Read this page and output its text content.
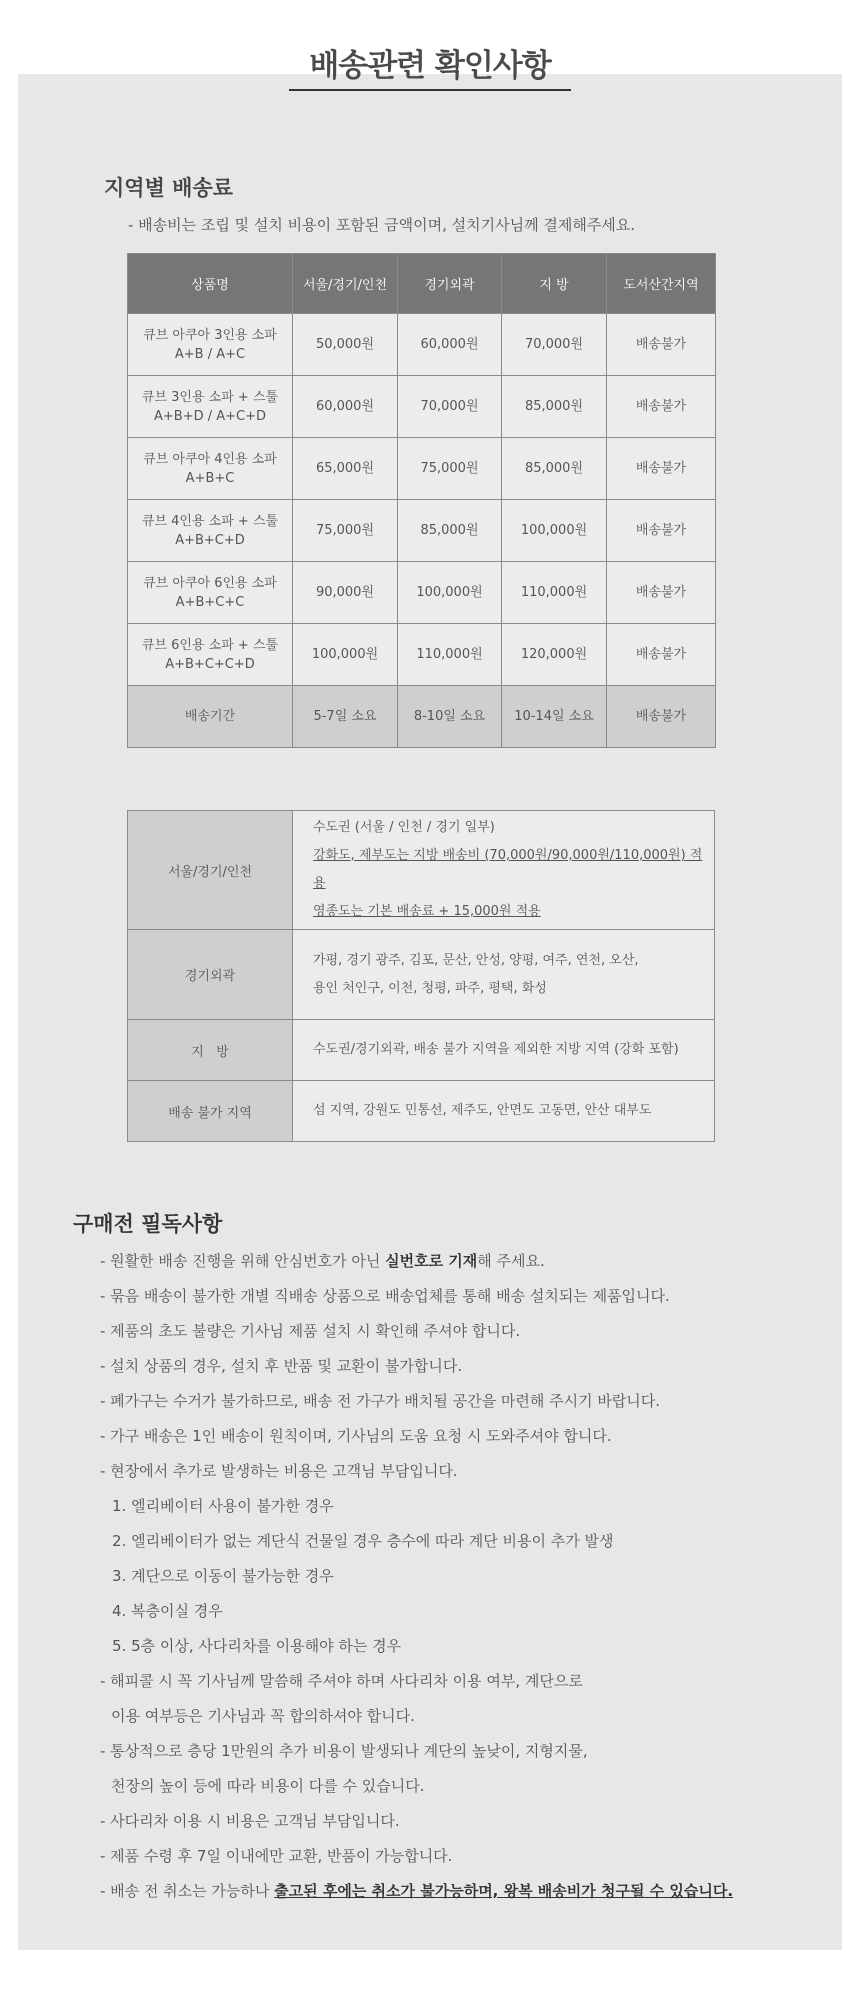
배송관련 확인사항
지역별 배송료

- 배송비는 조립 및 설치 비용이 포함된 금액이며, 설치기사님께 결제해주세요.

상품명	서울/경기/인천	경기외곽	지 방	도서산간지역
큐브 아쿠아 3인용 소파
A+B / A+C	50,000원	60,000원	70,000원	배송불가
큐브 3인용 소파 + 스툴
A+B+D / A+C+D	60,000원	70,000원	85,000원	배송불가
큐브 아쿠아 4인용 소파
A+B+C	65,000원	75,000원	85,000원	배송불가
큐브 4인용 소파 + 스툴
A+B+C+D	75,000원	85,000원	100,000원	배송불가
큐브 아쿠아 6인용 소파
A+B+C+C	90,000원	100,000원	110,000원	배송불가
큐브 6인용 소파 + 스툴
A+B+C+C+D	100,000원	110,000원	120,000원	배송불가
배송기간	5-7일 소요	8-10일 소요	10-14일 소요	배송불가
서울/경기/인천	수도권 (서울 / 인천 / 경기 일부)
강화도, 제부도는 지방 배송비 (70,000원/90,000원/110,000원) 적용
영종도는 기본 배송료 + 15,000원 적용

경기외곽	가평, 경기 광주, 김포, 문산, 안성, 양평, 여주, 연천, 오산,
용인 처인구, 이천, 청평, 파주, 평택, 화성

지   방	수도권/경기외곽, 배송 불가 지역을 제외한 지방 지역 (강화 포함)

배송 불가 지역	섬 지역, 강원도 민통선, 제주도, 안면도 고동면, 안산 대부도
구매전 필독사항
- 원활한 배송 진행을 위해 안심번호가 아닌 실번호로 기재해 주세요.
- 묶음 배송이 불가한 개별 직배송 상품으로 배송업체를 통해 배송 설치되는 제품입니다.
- 제품의 초도 불량은 기사님 제품 설치 시 확인해 주셔야 합니다.
- 설치 상품의 경우, 설치 후 반품 및 교환이 불가합니다.
- 폐가구는 수거가 불가하므로, 배송 전 가구가 배치될 공간을 마련해 주시기 바랍니다.
- 가구 배송은 1인 배송이 원칙이며, 기사님의 도움 요청 시 도와주셔야 합니다.
- 현장에서 추가로 발생하는 비용은 고객님 부담입니다.
1. 엘리베이터 사용이 불가한 경우
2. 엘리베이터가 없는 계단식 건물일 경우 층수에 따라 계단 비용이 추가 발생
3. 계단으로 이동이 불가능한 경우
4. 복층이실 경우
5. 5층 이상, 사다리차를 이용해야 하는 경우
- 해피콜 시 꼭 기사님께 말씀해 주셔야 하며 사다리차 이용 여부, 계단으로
이용 여부등은 기사님과 꼭 합의하셔야 합니다.
- 통상적으로 층당 1만원의 추가 비용이 발생되나 계단의 높낮이, 지형지물,
천장의 높이 등에 따라 비용이 다를 수 있습니다.
- 사다리차 이용 시 비용은 고객님 부담입니다.
- 제품 수령 후 7일 이내에만 교환, 반품이 가능합니다.
- 배송 전 취소는 가능하나 출고된 후에는 취소가 불가능하며, 왕복 배송비가 청구될 수 있습니다.
